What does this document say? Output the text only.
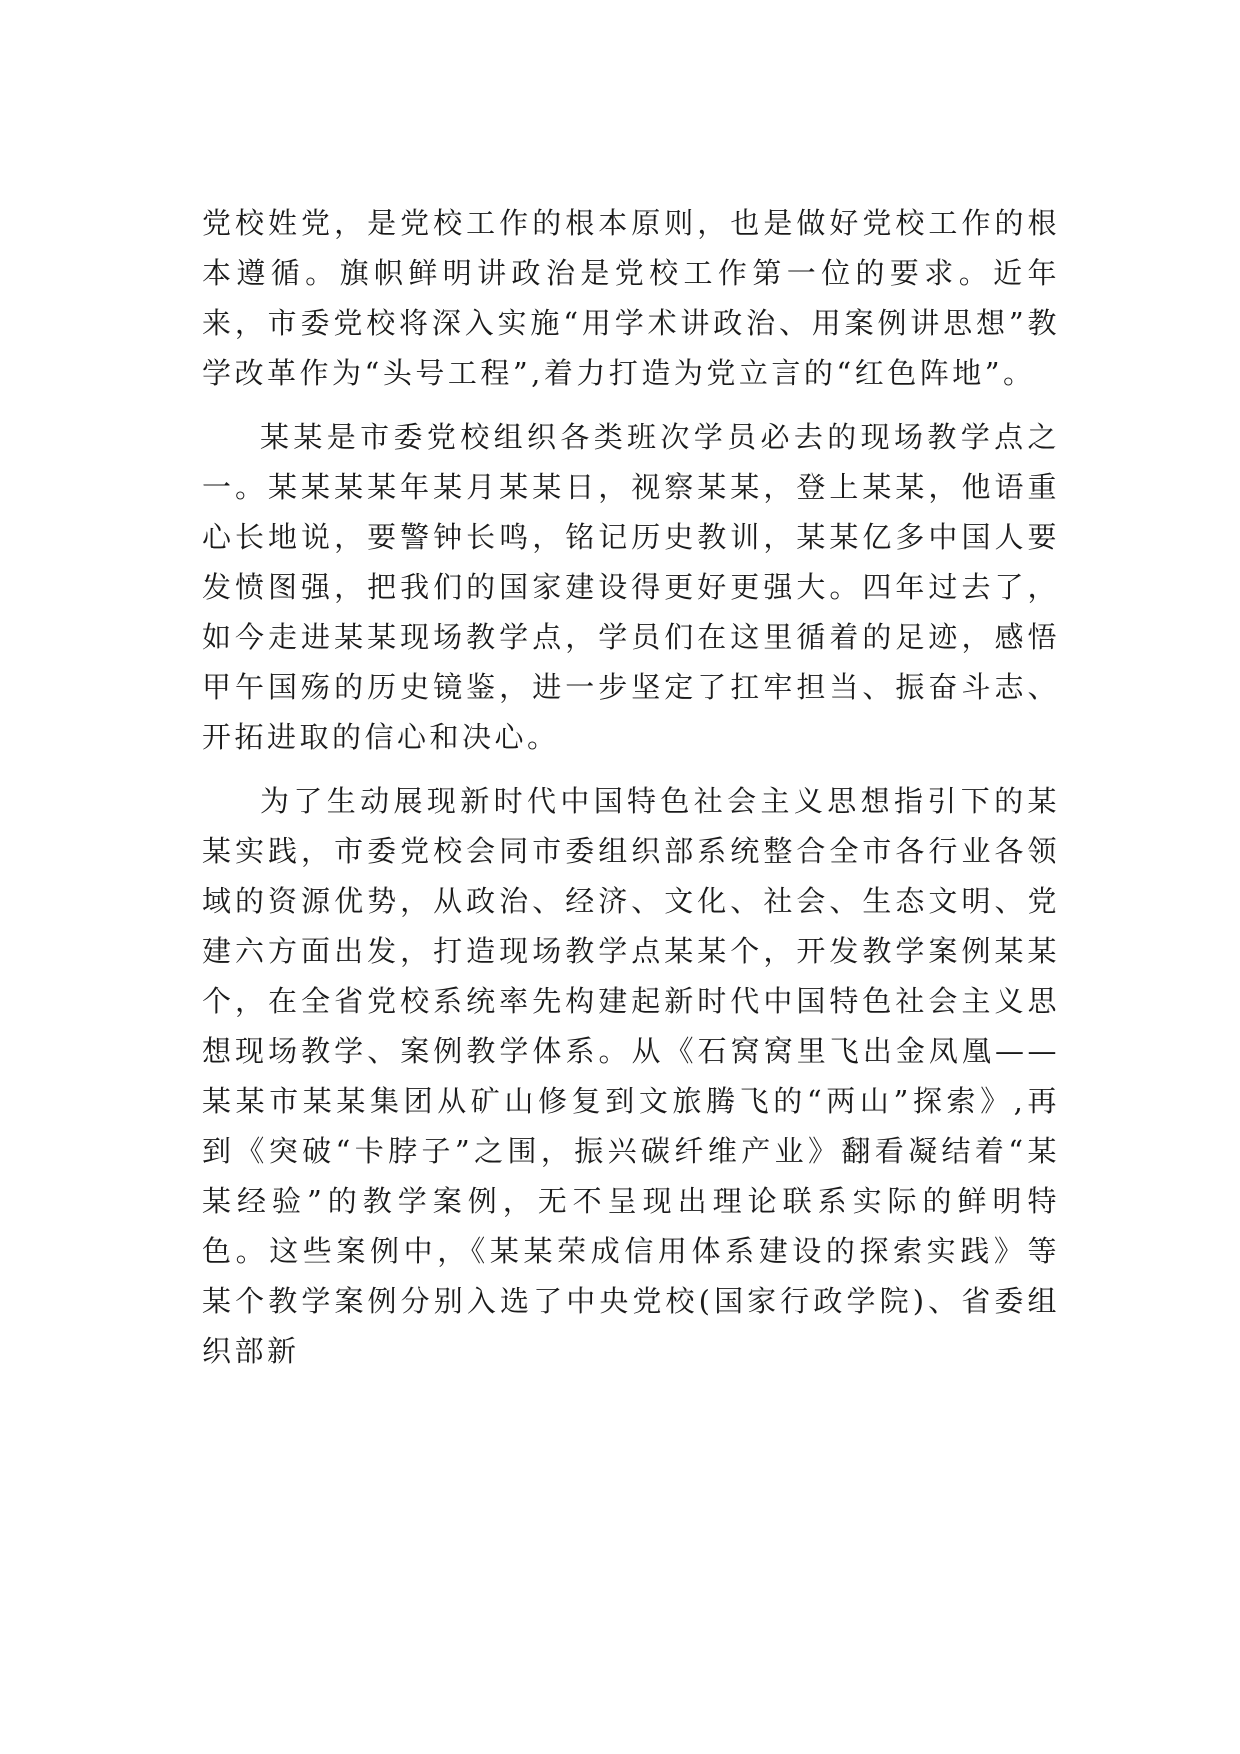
党校姓党，是党校工作的根本原则，也是做好党校工作的根本遵循。旗帜鲜明讲政治是党校工作第一位的要求。近年来，市委党校将深入实施“用学术讲政治、用案例讲思想”教学改革作为“头号工程”,着力打造为党立言的“红色阵地”。

某某是市委党校组织各类班次学员必去的现场教学点之一。某某某某年某月某某日，视察某某，登上某某，他语重心长地说，要警钟长鸣，铭记历史教训，某某亿多中国人要发愤图强，把我们的国家建设得更好更强大。四年过去了，如今走进某某现场教学点，学员们在这里循着的足迹，感悟甲午国殇的历史镜鉴，进一步坚定了扛牢担当、振奋斗志、开拓进取的信心和决心。

为了生动展现新时代中国特色社会主义思想指引下的某某实践，市委党校会同市委组织部系统整合全市各行业各领域的资源优势，从政治、经济、文化、社会、生态文明、党建六方面出发，打造现场教学点某某个，开发教学案例某某个，在全省党校系统率先构建起新时代中国特色社会主义思想现场教学、案例教学体系。从《石窝窝里飞出金凤凰——某某市某某集团从矿山修复到文旅腾飞的“两山”探索》,再到《突破“卡脖子”之围，振兴碳纤维产业》翻看凝结着“某某经验”的教学案例，无不呈现出理论联系实际的鲜明特色。这些案例中，《某某荣成信用体系建设的探索实践》等某个教学案例分别入选了中央党校(国家行政学院)、省委组织部新
